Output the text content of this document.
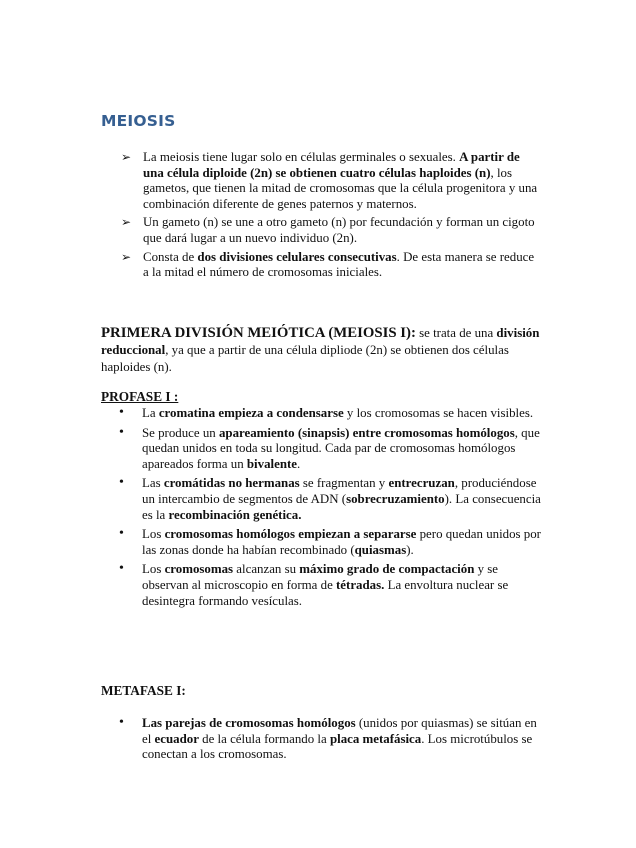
MEIOSIS
➢ La meiosis tiene lugar solo en células germinales o sexuales. A partir de una célula diploide (2n) se obtienen cuatro células haploides (n), los gametos, que tienen la mitad de cromosomas que la célula progenitora y una combinación diferente de genes paternos y maternos.
➢ Un gameto (n) se une a otro gameto (n) por fecundación y forman un cigoto que dará lugar a un nuevo individuo (2n).
➢ Consta de dos divisiones celulares consecutivas. De esta manera se reduce a la mitad el número de cromosomas iniciales.
PRIMERA DIVISIÓN MEIÓTICA (MEIOSIS I): se trata de una división reduccional, ya que a partir de una célula dipliode (2n) se obtienen dos células haploides (n).
PROFASE I :
• La cromatina empieza a condensarse y los cromosomas se hacen visibles.
• Se produce un apareamiento (sinapsis) entre cromosomas homólogos, que quedan unidos en toda su longitud. Cada par de cromosomas homólogos apareados forma un bivalente.
• Las cromátidas no hermanas se fragmentan y entrecruzan, produciéndose un intercambio de segmentos de ADN (sobrecruzamiento). La consecuencia es la recombinación genética.
• Los cromosomas homólogos empiezan a separarse pero quedan unidos por las zonas donde ha habían recombinado (quiasmas).
• Los cromosomas alcanzan su máximo grado de compactación y se observan al microscopio en forma de tétradas. La envoltura nuclear se desintegra formando vesículas.
METAFASE I:
• Las parejas de cromosomas homólogos (unidos por quiasmas) se sitúan en el ecuador de la célula formando la placa metafásica. Los microtúbulos se conectan a los cromosomas.
